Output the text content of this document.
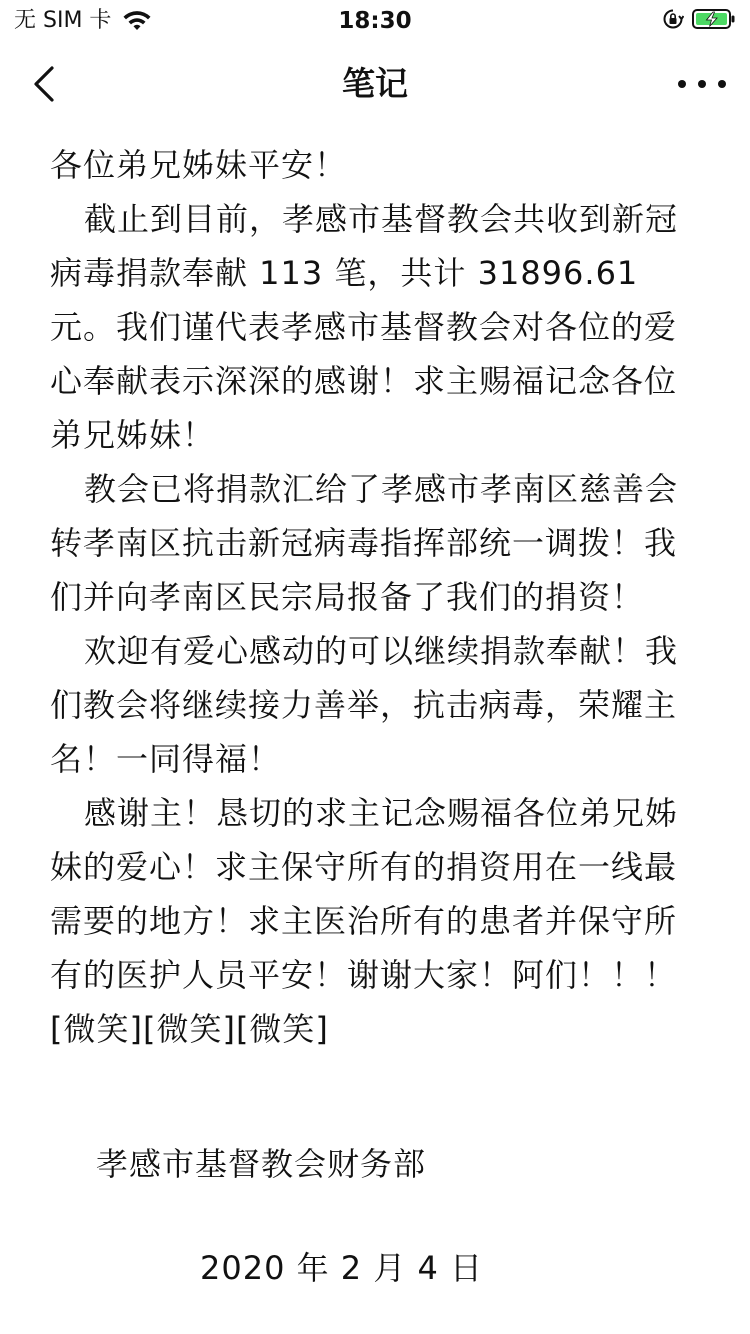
无 SIM 卡	18:30
笔记

各位弟兄姊妹平安！

截止到目前，孝感市基督教会共收到新冠病毒捐款奉献 113 笔，共计 31896.61 元。我们谨代表孝感市基督教会对各位的爱心奉献表示深深的感谢！求主赐福记念各位弟兄姊妹！

教会已将捐款汇给了孝感市孝南区慈善会转孝南区抗击新冠病毒指挥部统一调拨！我们并向孝南区民宗局报备了我们的捐资！

欢迎有爱心感动的可以继续捐款奉献！我们教会将继续接力善举，抗击病毒，荣耀主名！一同得福！

感谢主！恳切的求主记念赐福各位弟兄姊妹的爱心！求主保守所有的捐资用在一线最需要的地方！求主医治所有的患者并保守所有的医护人员平安！谢谢大家！阿们！！！[微笑][微笑][微笑]

孝感市基督教会财务部
2020 年 2 月 4 日
